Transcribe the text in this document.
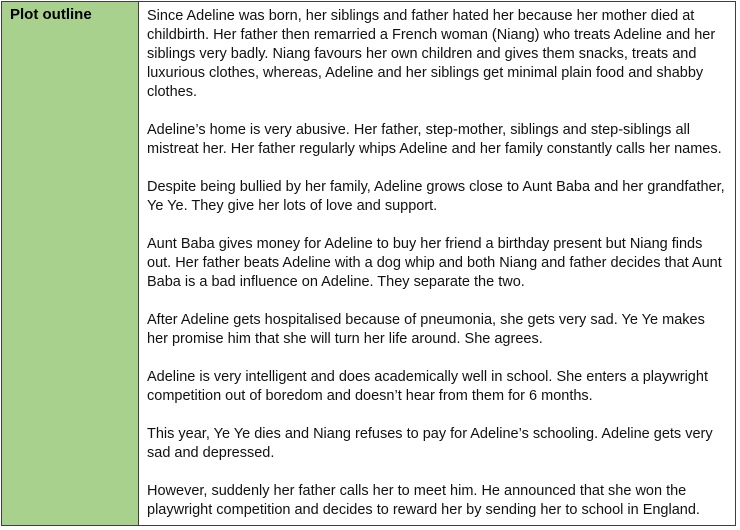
Plot outline	Since Adeline was born, her siblings and father hated her because her mother died at childbirth. Her father then remarried a French woman (Niang) who treats Adeline and her siblings very badly. Niang favours her own children and gives them snacks, treats and luxurious clothes, whereas, Adeline and her siblings get minimal plain food and shabby clothes.

Adeline’s home is very abusive. Her father, step-mother, siblings and step-siblings all mistreat her. Her father regularly whips Adeline and her family constantly calls her names.

Despite being bullied by her family, Adeline grows close to Aunt Baba and her grandfather, Ye Ye. They give her lots of love and support.

Aunt Baba gives money for Adeline to buy her friend a birthday present but Niang finds out. Her father beats Adeline with a dog whip and both Niang and father decides that Aunt Baba is a bad influence on Adeline. They separate the two.

After Adeline gets hospitalised because of pneumonia, she gets very sad. Ye Ye makes her promise him that she will turn her life around. She agrees.

Adeline is very intelligent and does academically well in school. She enters a playwright competition out of boredom and doesn’t hear from them for 6 months.

This year, Ye Ye dies and Niang refuses to pay for Adeline’s schooling. Adeline gets very sad and depressed.

However, suddenly her father calls her to meet him. He announced that she won the playwright competition and decides to reward her by sending her to school in England.
